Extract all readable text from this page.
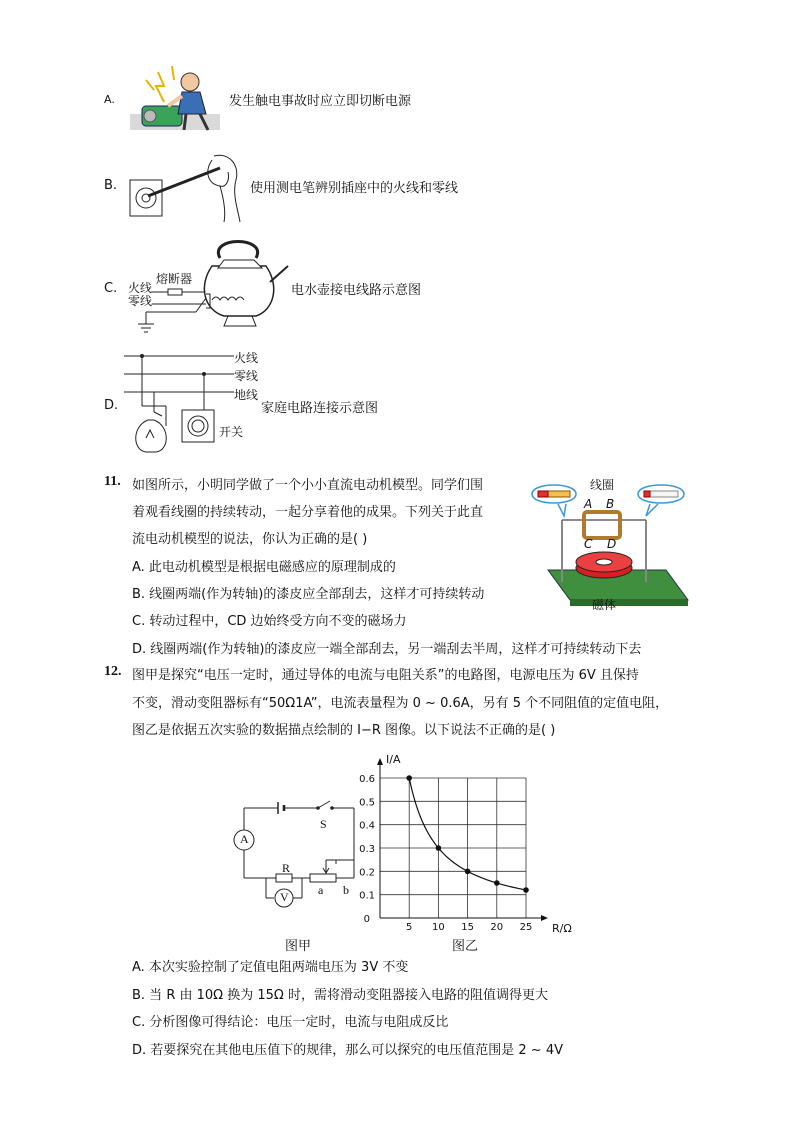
A.	发生触电事故时应立即切断电源
B.	使用测电笔辨别插座中的火线和零线
C. 火线
零线
熔断器
电水壶接电线路示意图
D.
火线
零线
地线
开关
家庭电路连接示意图
11. 如图所示，小明同学做了一个小小直流电动机模型。同学们围
着观看线圈的持续转动，一起分享着他的成果。下列关于此直
流电动机模型的说法，你认为正确的是( )
A. 此电动机模型是根据电磁感应的原理制成的
B. 线圈两端(作为转轴)的漆皮应全部刮去，这样才可持续转动
C. 转动过程中，CD 边始终受方向不变的磁场力
D. 线圈两端(作为转轴)的漆皮应一端全部刮去，另一端刮去半周，这样才可持续转动下去
线圈
A B
C D
磁体
12. 图甲是探究“电压一定时，通过导体的电流与电阻关系”的电路图，电源电压为 6V 且保持
不变，滑动变阻器标有“50Ω1A”，电流表量程为 0 ~ 0.6A，另有 5 个不同阻值的定值电阻，
图乙是依据五次实验的数据描点绘制的 I−R 图像。以下说法不正确的是( )
A
V
R
S
a b
图甲
5 10 15 20 25
0
0.1
0.2
0.3
0.4
0.5
0.6
I/A
R/Ω
图乙
A. 本次实验控制了定值电阻两端电压为 3V 不变
B. 当 R 由 10Ω 换为 15Ω 时，需将滑动变阻器接入电路的阻值调得更大
C. 分析图像可得结论：电压一定时，电流与电阻成反比
D. 若要探究在其他电压值下的规律，那么可以探究的电压值范围是 2 ~ 4V
